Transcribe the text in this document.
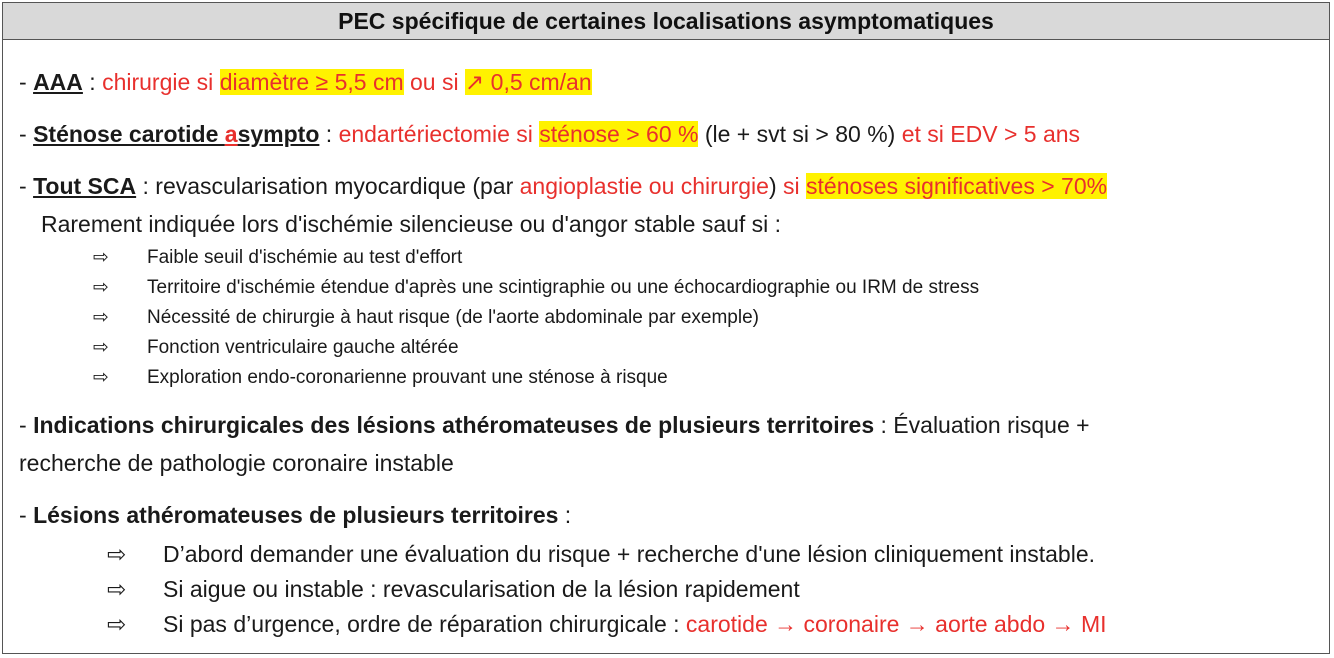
PEC spécifique de certaines localisations asymptomatiques
- AAA : chirurgie si diamètre ≥ 5,5 cm ou si ↗ 0,5 cm/an
- Sténose carotide asympto : endartériectomie si sténose > 60 % (le + svt si > 80 %) et si EDV > 5 ans
- Tout SCA : revascularisation myocardique (par angioplastie ou chirurgie) si sténoses significatives > 70%
Rarement indiquée lors d'ischémie silencieuse ou d'angor stable sauf si :
⇨ Faible seuil d'ischémie au test d'effort
⇨ Territoire d'ischémie étendue d'après une scintigraphie ou une échocardiographie ou IRM de stress
⇨ Nécessité de chirurgie à haut risque (de l'aorte abdominale par exemple)
⇨ Fonction ventriculaire gauche altérée
⇨ Exploration endo-coronarienne prouvant une sténose à risque
- Indications chirurgicales des lésions athéromateuses de plusieurs territoires : Évaluation risque +
recherche de pathologie coronaire instable
- Lésions athéromateuses de plusieurs territoires :
⇨ D’abord demander une évaluation du risque + recherche d'une lésion cliniquement instable.
⇨ Si aigue ou instable : revascularisation de la lésion rapidement
⇨ Si pas d’urgence, ordre de réparation chirurgicale : carotide → coronaire → aorte abdo → MI
